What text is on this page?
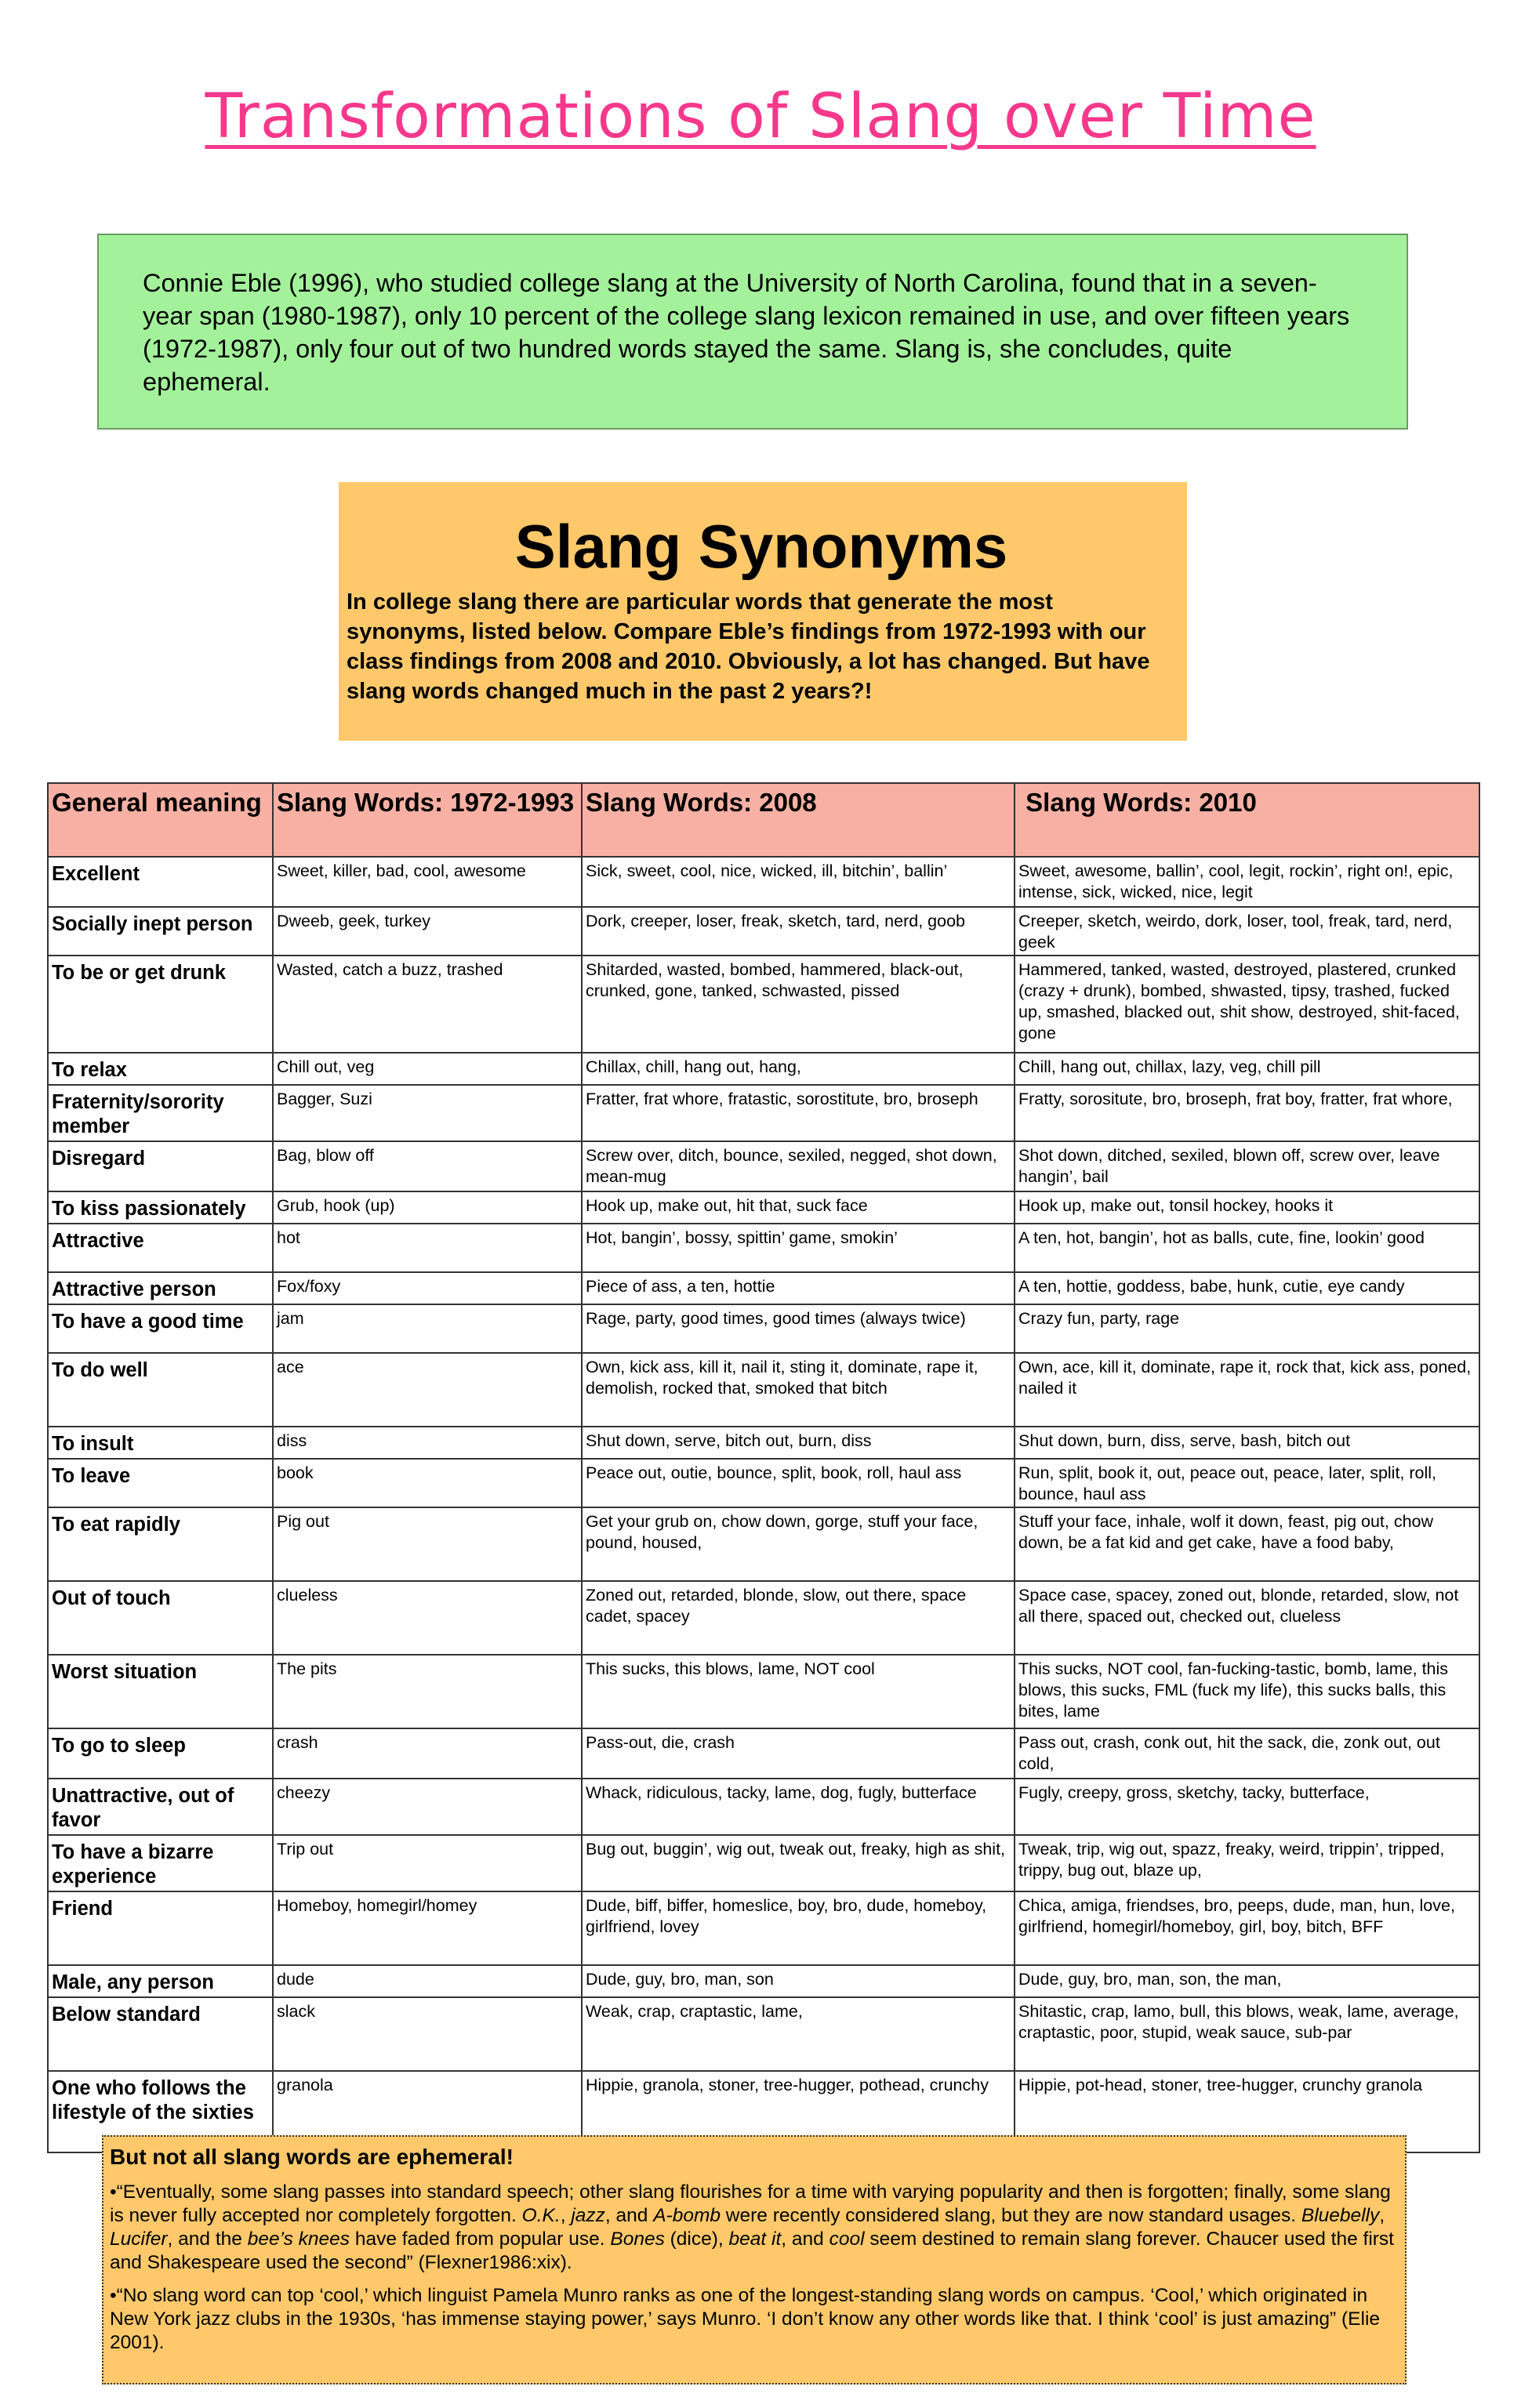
Transformations of Slang over Time
Connie Eble (1996), who studied college slang at the University of North Carolina, found that in a seven-year span (1980-1987), only 10 percent of the college slang lexicon remained in use, and over fifteen years (1972-1987), only four out of two hundred words stayed the same. Slang is, she concludes, quite ephemeral.
Slang Synonyms

In college slang there are particular words that generate the most synonyms, listed below. Compare Eble’s findings from 1972-1993 with our class findings from 2008 and 2010. Obviously, a lot has changed. But have slang words changed much in the past 2 years?!

General meaning	Slang Words: 1972-1993	Slang Words: 2008	Slang Words: 2010
Excellent	Sweet, killer, bad, cool, awesome	Sick, sweet, cool, nice, wicked, ill, bitchin’, ballin’	Sweet, awesome, ballin’, cool, legit, rockin’, right on!, epic, intense, sick, wicked, nice, legit
Socially inept person	Dweeb, geek, turkey	Dork, creeper, loser, freak, sketch, tard, nerd, goob	Creeper, sketch, weirdo, dork, loser, tool, freak, tard, nerd, geek
To be or get drunk	Wasted, catch a buzz, trashed	Shitarded, wasted, bombed, hammered, black-out, crunked, gone, tanked, schwasted, pissed	Hammered, tanked, wasted, destroyed, plastered, crunked (crazy + drunk), bombed, shwasted, tipsy, trashed, fucked up, smashed, blacked out, shit show, destroyed, shit-faced, gone
To relax	Chill out, veg	Chillax, chill, hang out, hang,	Chill, hang out, chillax, lazy, veg, chill pill
Fraternity/sorority member	Bagger, Suzi	Fratter, frat whore, fratastic, sorostitute, bro, broseph	Fratty, sorositute, bro, broseph, frat boy, fratter, frat whore,
Disregard	Bag, blow off	Screw over, ditch, bounce, sexiled, negged, shot down, mean-mug	Shot down, ditched, sexiled, blown off, screw over, leave hangin’, bail
To kiss passionately	Grub, hook (up)	Hook up, make out, hit that, suck face	Hook up, make out, tonsil hockey, hooks it
Attractive	hot	Hot, bangin’, bossy, spittin’ game, smokin’	A ten, hot, bangin’, hot as balls, cute, fine, lookin’ good
Attractive person	Fox/foxy	Piece of ass, a ten, hottie	A ten, hottie, goddess, babe, hunk, cutie, eye candy
To have a good time	jam	Rage, party, good times, good times (always twice)	Crazy fun, party, rage
To do well	ace	Own, kick ass, kill it, nail it, sting it, dominate, rape it, demolish, rocked that, smoked that bitch	Own, ace, kill it, dominate, rape it, rock that, kick ass, poned, nailed it
To insult	diss	Shut down, serve, bitch out, burn, diss	Shut down, burn, diss, serve, bash, bitch out
To leave	book	Peace out, outie, bounce, split, book, roll, haul ass	Run, split, book it, out, peace out, peace, later, split, roll, bounce, haul ass
To eat rapidly	Pig out	Get your grub on, chow down, gorge, stuff your face, pound, housed,	Stuff your face, inhale, wolf it down, feast, pig out, chow down, be a fat kid and get cake, have a food baby,
Out of touch	clueless	Zoned out, retarded, blonde, slow, out there, space cadet, spacey	Space case, spacey, zoned out, blonde, retarded, slow, not all there, spaced out, checked out, clueless
Worst situation	The pits	This sucks, this blows, lame, NOT cool	This sucks, NOT cool, fan-fucking-tastic, bomb, lame, this blows, this sucks, FML (fuck my life), this sucks balls, this bites, lame
To go to sleep	crash	Pass-out, die, crash	Pass out, crash, conk out, hit the sack, die, zonk out, out cold,
Unattractive, out of favor	cheezy	Whack, ridiculous, tacky, lame, dog, fugly, butterface	Fugly, creepy, gross, sketchy, tacky, butterface,
To have a bizarre experience	Trip out	Bug out, buggin’, wig out, tweak out, freaky, high as shit,	Tweak, trip, wig out, spazz, freaky, weird, trippin’, tripped, trippy, bug out, blaze up,
Friend	Homeboy, homegirl/homey	Dude, biff, biffer, homeslice, boy, bro, dude, homeboy, girlfriend, lovey	Chica, amiga, friendses, bro, peeps, dude, man, hun, love, girlfriend, homegirl/homeboy, girl, boy, bitch, BFF
Male, any person	dude	Dude, guy, bro, man, son	Dude, guy, bro, man, son, the man,
Below standard	slack	Weak, crap, craptastic, lame,	Shitastic, crap, lamo, bull, this blows, weak, lame, average, craptastic, poor, stupid, weak sauce, sub-par
One who follows the lifestyle of the sixties	granola	Hippie, granola, stoner, tree-hugger, pothead, crunchy	Hippie, pot-head, stoner, tree-hugger, crunchy granola

But not all slang words are ephemeral!

•“Eventually, some slang passes into standard speech; other slang flourishes for a time with varying popularity and then is forgotten; finally, some slang is never fully accepted nor completely forgotten. O.K., jazz, and A-bomb were recently considered slang, but they are now standard usages. Bluebelly, Lucifer, and the bee’s knees have faded from popular use. Bones (dice), beat it, and cool seem destined to remain slang forever. Chaucer used the first and Shakespeare used the second” (Flexner1986:xix).

•“No slang word can top ‘cool,’ which linguist Pamela Munro ranks as one of the longest-standing slang words on campus. ‘Cool,’ which originated in New York jazz clubs in the 1930s, ‘has immense staying power,’ says Munro. ‘I don’t know any other words like that. I think ‘cool’ is just amazing” (Elie 2001).
